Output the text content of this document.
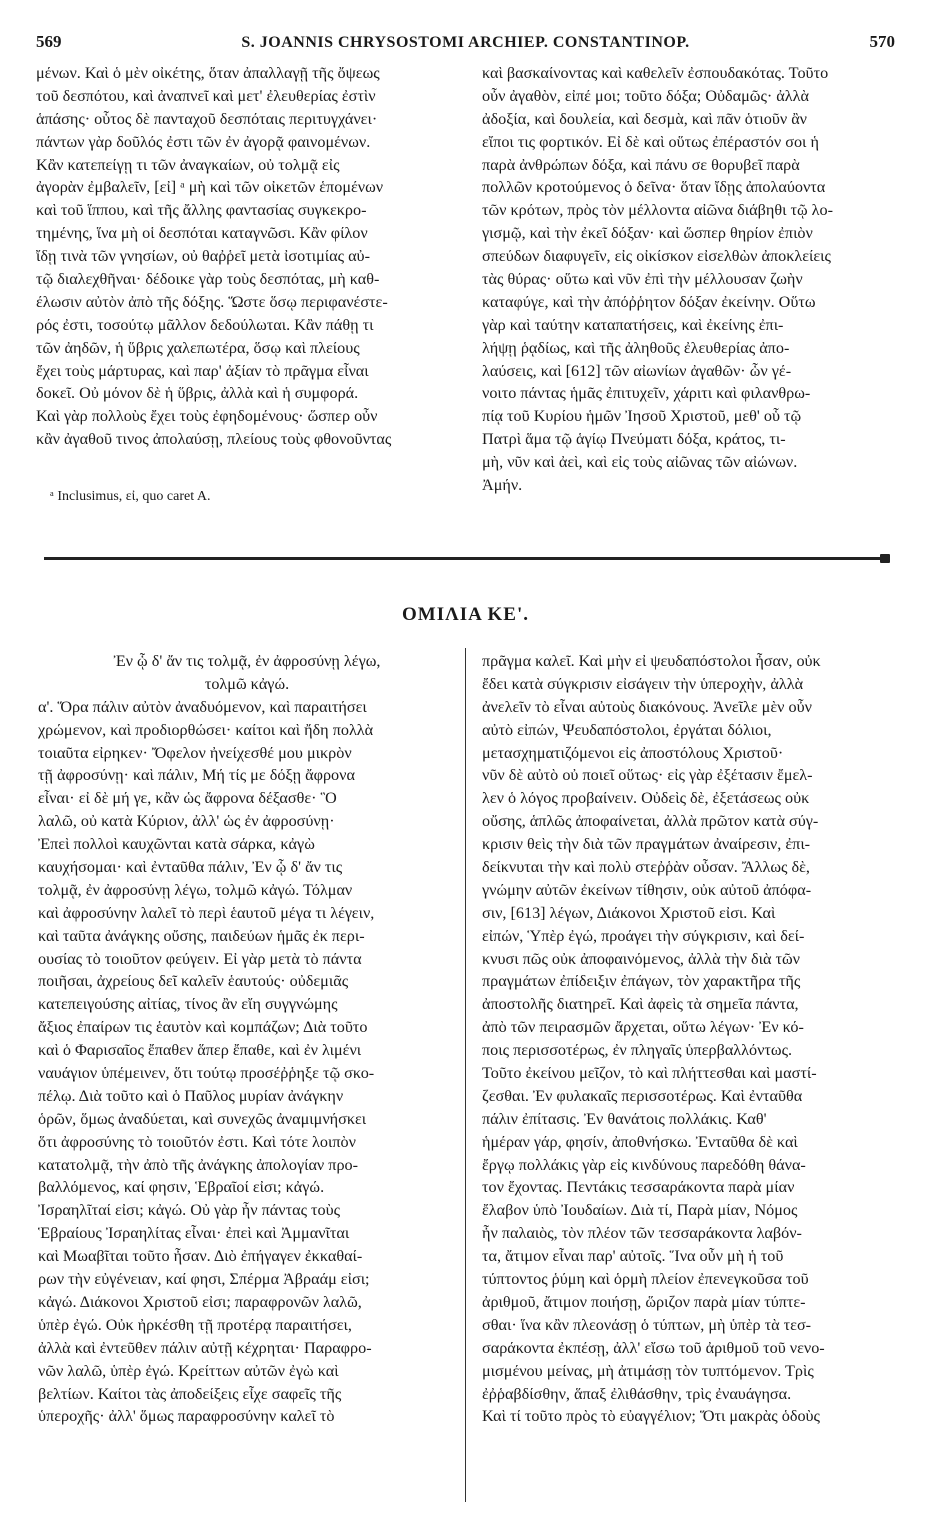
569	S. JOANNIS CHRYSOSTOMI ARCHIEP. CONSTANTINOP.	570
μένων. Καὶ ὁ μὲν οἰκέτης, ὅταν ἀπαλλαγῇ τῆς ὄψεως
τοῦ δεσπότου, καὶ ἀναπνεῖ καὶ μετ' ἐλευθερίας ἐστὶν
ἁπάσης· οὗτος δὲ πανταχοῦ δεσπόταις περιτυγχάνει·
πάντων γὰρ δοῦλός ἐστι τῶν ἐν ἀγορᾷ φαινομένων.
Κἂν κατεπείγῃ τι τῶν ἀναγκαίων, οὐ τολμᾷ εἰς
ἀγορὰν ἐμβαλεῖν, [εἰ] ᵃ μὴ καὶ τῶν οἰκετῶν ἑπομένων
καὶ τοῦ ἵππου, καὶ τῆς ἄλλης φαντασίας συγκεκρο-
τημένης, ἵνα μὴ οἱ δεσπόται καταγνῶσι. Κἂν φίλον
ἴδῃ τινὰ τῶν γνησίων, οὐ θαῤῥεῖ μετὰ ἰσοτιμίας αὐ-
τῷ διαλεχθῆναι· δέδοικε γὰρ τοὺς δεσπότας, μὴ καθ-
έλωσιν αὐτὸν ἀπὸ τῆς δόξης. Ὥστε ὅσῳ περιφανέστε-
ρός ἐστι, τοσούτῳ μᾶλλον δεδούλωται. Κἂν πάθῃ τι
τῶν ἀηδῶν, ἡ ὕβρις χαλεπωτέρα, ὅσῳ καὶ πλείους
ἔχει τοὺς μάρτυρας, καὶ παρ' ἀξίαν τὸ πρᾶγμα εἶναι
δοκεῖ. Οὐ μόνον δὲ ἡ ὕβρις, ἀλλὰ καὶ ἡ συμφορά.
Καὶ γὰρ πολλοὺς ἔχει τοὺς ἐφηδομένους· ὥσπερ οὖν
κἂν ἀγαθοῦ τινος ἀπολαύσῃ, πλείους τοὺς φθονοῦντας
καὶ βασκαίνοντας καὶ καθελεῖν ἐσπουδακότας. Τοῦτο
οὖν ἀγαθὸν, εἰπέ μοι; τοῦτο δόξα; Οὐδαμῶς· ἀλλὰ
ἀδοξία, καὶ δουλεία, καὶ δεσμὰ, καὶ πᾶν ὁτιοῦν ἂν
εἴποι τις φορτικόν. Εἰ δὲ καὶ οὕτως ἐπέραστόν σοι ἡ
παρὰ ἀνθρώπων δόξα, καὶ πάνυ σε θορυβεῖ παρὰ
πολλῶν κροτούμενος ὁ δεῖνα· ὅταν ἴδῃς ἀπολαύοντα
τῶν κρότων, πρὸς τὸν μέλλοντα αἰῶνα διάβηθι τῷ λο-
γισμῷ, καὶ τὴν ἐκεῖ δόξαν· καὶ ὥσπερ θηρίον ἐπιὸν
σπεύδων διαφυγεῖν, εἰς οἰκίσκον εἰσελθὼν ἀποκλείεις
τὰς θύρας· οὕτω καὶ νῦν ἐπὶ τὴν μέλλουσαν ζωὴν
καταφύγε, καὶ τὴν ἀπόῤῥητον δόξαν ἐκείνην. Οὕτω
γὰρ καὶ ταύτην καταπατήσεις, καὶ ἐκείνης ἐπι-
λήψῃ ῥᾳδίως, καὶ τῆς ἀληθοῦς ἐλευθερίας ἀπο-
λαύσεις, καὶ [612] τῶν αἰωνίων ἀγαθῶν· ὧν γέ-
νοιτο πάντας ἡμᾶς ἐπιτυχεῖν, χάριτι καὶ φιλανθρω-
πίᾳ τοῦ Κυρίου ἡμῶν Ἰησοῦ Χριστοῦ, μεθ' οὗ τῷ
Πατρὶ ἅμα τῷ ἁγίῳ Πνεύματι δόξα, κράτος, τι-
μὴ, νῦν καὶ ἀεὶ, καὶ εἰς τοὺς αἰῶνας τῶν αἰώνων.
Ἀμήν.
ᵃ Inclusimus, εἰ, quo caret A.
ΟΜΙΛΙΑ ΚΕ'.
Ἐν ᾧ δ' ἄν τις τολμᾷ, ἐν ἀφροσύνῃ λέγω,
τολμῶ κἀγώ.
α'. Ὅρα πάλιν αὐτὸν ἀναδυόμενον, καὶ παραιτήσει
χρώμενον, καὶ προδιορθώσει· καίτοι καὶ ἤδη πολλὰ
τοιαῦτα εἰρηκεν· Ὄφελον ἠνείχεσθέ μου μικρὸν
τῇ ἀφροσύνῃ· καὶ πάλιν, Μή τίς με δόξῃ ἄφρονα
εἶναι· εἰ δὲ μή γε, κἂν ὡς ἄφρονα δέξασθε· Ὃ
λαλῶ, οὐ κατὰ Κύριον, ἀλλ' ὡς ἐν ἀφροσύνῃ·
Ἐπεὶ πολλοὶ καυχῶνται κατὰ σάρκα, κἀγὼ
καυχήσομαι· καὶ ἐνταῦθα πάλιν, Ἐν ᾧ δ' ἄν τις
τολμᾷ, ἐν ἀφροσύνῃ λέγω, τολμῶ κἀγώ. Τόλμαν
καὶ ἀφροσύνην λαλεῖ τὸ περὶ ἑαυτοῦ μέγα τι λέγειν,
καὶ ταῦτα ἀνάγκης οὔσης, παιδεύων ἡμᾶς ἐκ περι-
ουσίας τὸ τοιοῦτον φεύγειν. Εἰ γὰρ μετὰ τὸ πάντα
ποιῆσαι, ἀχρείους δεῖ καλεῖν ἑαυτούς· οὐδεμιᾶς
κατεπειγούσης αἰτίας, τίνος ἂν εἴη συγγνώμης
ἄξιος ἐπαίρων τις ἑαυτὸν καὶ κομπάζων; Διὰ τοῦτο
καὶ ὁ Φαρισαῖος ἔπαθεν ἅπερ ἔπαθε, καὶ ἐν λιμένι
ναυάγιον ὑπέμεινεν, ὅτι τούτῳ προσέῤῥηξε τῷ σκο-
πέλῳ. Διὰ τοῦτο καὶ ὁ Παῦλος μυρίαν ἀνάγκην
ὁρῶν, ὅμως ἀναδύεται, καὶ συνεχῶς ἀναμιμνήσκει
ὅτι ἀφροσύνης τὸ τοιοῦτόν ἐστι. Καὶ τότε λοιπὸν
κατατολμᾷ, τὴν ἀπὸ τῆς ἀνάγκης ἀπολογίαν προ-
βαλλόμενος, καί φησιν, Ἑβραῖοί εἰσι; κἀγώ.
Ἰσραηλῖταί εἰσι; κἀγώ. Οὐ γὰρ ἦν πάντας τοὺς
Ἑβραίους Ἰσραηλίτας εἶναι· ἐπεὶ καὶ Ἀμμανῖται
καὶ Μωαβῖται τοῦτο ἦσαν. Διὸ ἐπήγαγεν ἐκκαθαί-
ρων τὴν εὐγένειαν, καί φησι, Σπέρμα Ἀβραάμ εἰσι;
κἀγώ. Διάκονοι Χριστοῦ εἰσι; παραφρονῶν λαλῶ,
ὑπὲρ ἐγώ. Οὐκ ἠρκέσθη τῇ προτέρᾳ παραιτήσει,
ἀλλὰ καὶ ἐντεῦθεν πάλιν αὐτῇ κέχρηται· Παραφρο-
νῶν λαλῶ, ὑπὲρ ἐγώ. Κρείττων αὐτῶν ἐγὼ καὶ
βελτίων. Καίτοι τὰς ἀποδείξεις εἶχε σαφεῖς τῆς
ὑπεροχῆς· ἀλλ' ὅμως παραφροσύνην καλεῖ τὸ
πρᾶγμα καλεῖ. Καὶ μὴν εἰ ψευδαπόστολοι ἦσαν, οὐκ
ἔδει κατὰ σύγκρισιν εἰσάγειν τὴν ὑπεροχὴν, ἀλλὰ
ἀνελεῖν τὸ εἶναι αὐτοὺς διακόνους. Ἀνεῖλε μὲν οὖν
αὐτὸ εἰπών, Ψευδαπόστολοι, ἐργάται δόλιοι,
μετασχηματιζόμενοι εἰς ἀποστόλους Χριστοῦ·
νῦν δὲ αὐτὸ οὐ ποιεῖ οὕτως· εἰς γὰρ ἐξέτασιν ἔμελ-
λεν ὁ λόγος προβαίνειν. Οὐδεὶς δὲ, ἐξετάσεως οὐκ
οὔσης, ἁπλῶς ἀποφαίνεται, ἀλλὰ πρῶτον κατὰ σύγ-
κρισιν θεὶς τὴν διὰ τῶν πραγμάτων ἀναίρεσιν, ἐπι-
δείκνυται τὴν καὶ πολὺ στεῤῥὰν οὖσαν. Ἄλλως δὲ,
γνώμην αὐτῶν ἐκείνων τίθησιν, οὐκ αὐτοῦ ἀπόφα-
σιν, [613] λέγων, Διάκονοι Χριστοῦ εἰσι. Καὶ
εἰπών, Ὑπὲρ ἐγώ, προάγει τὴν σύγκρισιν, καὶ δεί-
κνυσι πῶς οὐκ ἀποφαινόμενος, ἀλλὰ τὴν διὰ τῶν
πραγμάτων ἐπίδειξιν ἐπάγων, τὸν χαρακτῆρα τῆς
ἀποστολῆς διατηρεῖ. Καὶ ἀφεὶς τὰ σημεῖα πάντα,
ἀπὸ τῶν πειρασμῶν ἄρχεται, οὕτω λέγων· Ἐν κό-
ποις περισσοτέρως, ἐν πληγαῖς ὑπερβαλλόντως.
Τοῦτο ἐκείνου μεῖζον, τὸ καὶ πλήττεσθαι καὶ μαστί-
ζεσθαι. Ἐν φυλακαῖς περισσοτέρως. Καὶ ἐνταῦθα
πάλιν ἐπίτασις. Ἐν θανάτοις πολλάκις. Καθ'
ἡμέραν γάρ, φησίν, ἀποθνήσκω. Ἐνταῦθα δὲ καὶ
ἔργῳ πολλάκις γὰρ εἰς κινδύνους παρεδόθη θάνα-
τον ἔχοντας. Πεντάκις τεσσαράκοντα παρὰ μίαν
ἔλαβον ὑπὸ Ἰουδαίων. Διὰ τί, Παρὰ μίαν, Νόμος
ἦν παλαιὸς, τὸν πλέον τῶν τεσσαράκοντα λαβόν-
τα, ἄτιμον εἶναι παρ' αὐτοῖς. Ἵνα οὖν μὴ ἡ τοῦ
τύπτοντος ῥύμη καὶ ὁρμὴ πλείον ἐπενεγκοῦσα τοῦ
ἀριθμοῦ, ἄτιμον ποιήσῃ, ὥριζον παρὰ μίαν τύπτε-
σθαι· ἵνα κἂν πλεονάσῃ ὁ τύπτων, μὴ ὑπὲρ τὰ τεσ-
σαράκοντα ἐκπέσῃ, ἀλλ' εἴσω τοῦ ἀριθμοῦ τοῦ νενο-
μισμένου μείνας, μὴ ἀτιμάσῃ τὸν τυπτόμενον. Τρὶς
ἐῤῥαβδίσθην, ἅπαξ ἐλιθάσθην, τρὶς ἐναυάγησα.
Καὶ τί τοῦτο πρὸς τὸ εὐαγγέλιον; Ὅτι μακρὰς ὁδοὺς
